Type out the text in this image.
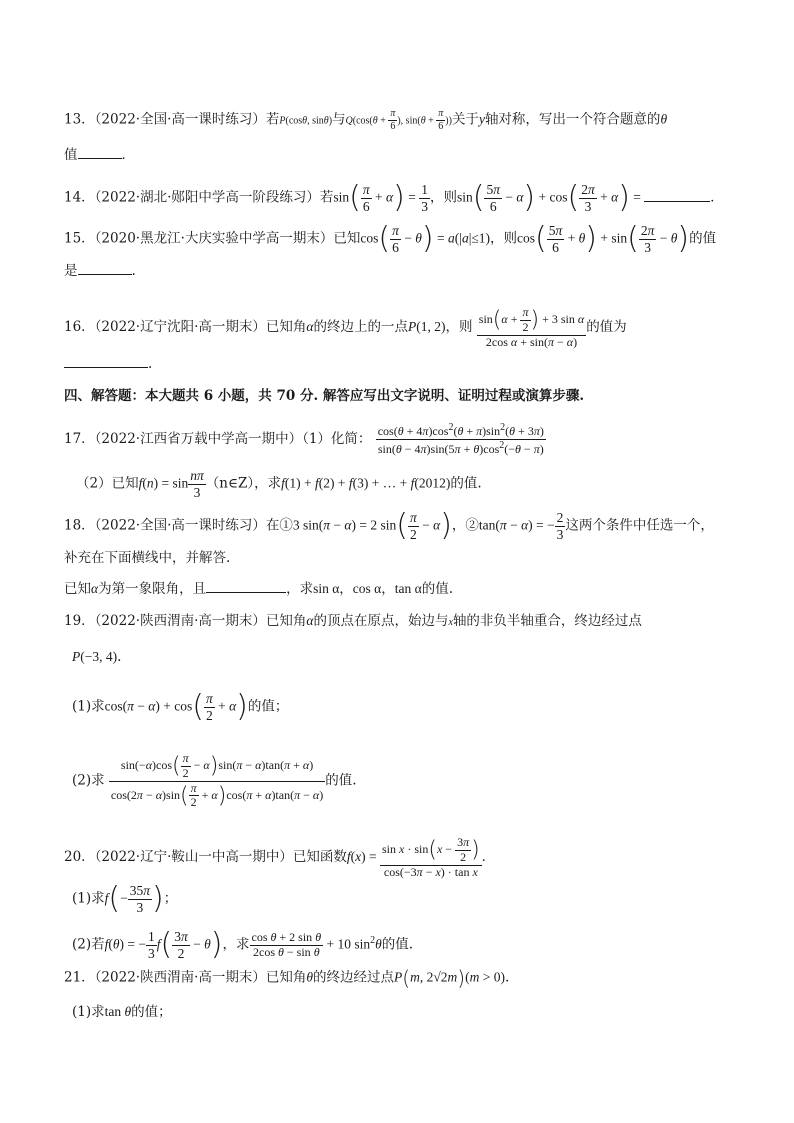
13．（2022·全国·高一课时练习）若P(cosθ, sinθ)与$Q(\cos(\theta + \frac{\pi}{6}$ ), $\sin(\theta + \frac{\pi}{6}$ ))关于y轴对称，写出一个符合题意的θ
值	．
14．（2022·湖北·郧阳中学高一阶段练习）若$\sin( \frac{\pi}{6} + \alpha) = \frac{1}{3}$ ，则$\sin( \frac{5\pi}{6} - \alpha) + \cos( \frac{2\pi}{3} + \alpha)$ =	．
15．（2020·黑龙江·大庆实验中学高一期末）已知$\cos( \frac{\pi}{6} - \theta) = a(|a|\le 1)$，则$\cos( \frac{5\pi}{6} + \theta) + \sin( \frac{2\pi}{3} - \theta)$的值
是	.
16．（2022·辽宁沈阳·高一期末）已知角α的终边上的一点P(1, 2)，则 $\frac{\sin(\alpha + \frac{\pi}{2} ) + 3 \sin \alpha}{\text{2cos α + sin(π − α)}}$ 的值为
.
四、解答题：本大题共 6 小题，共 70 分. 解答应写出文字说明、证明过程或演算步骤.
17．（2022·江西省万载中学高一期中）（1）化简： $\frac{\cos(\theta + 4\pi)\cos^2(\theta + \pi)\sin^2(\theta + 3\pi)}{\sin(\theta - 4\pi)\sin(5\pi + \theta)\cos^2(-\theta - \pi)}$
（2）已知$f(n) = \sin \frac{n\pi}{3}$ （n∈Z），求f(1) + f(2) + f(3) + … + f(2012)的值.
18．（2022·全国·高一课时练习）在①3 sin(π − α) = 2 $\sin( \frac{\pi}{2} - \alpha)$，②tan(π − α) = − $\frac{2}{3}$ 这两个条件中任选一个，
补充在下面横线中，并解答.
已知α为第一象限角，且	，求sin α，cos α，tan α的值.
19．（2022·陕西渭南·高一期末）已知角α的顶点在原点，始边与x轴的非负半轴重合，终边经过点
P(−3, 4).
(1)求$\cos(\pi - \alpha) + \cos( \frac{\pi}{2} + \alpha)$的值；
(2)求 $\frac{\sin(-\alpha)\cos( \frac{\pi}{2} - \alpha)\sin(\pi - \alpha)\tan(\pi + \alpha)}{\cos(2\pi - \alpha)\sin( \frac{\pi}{2} + \alpha)\cos(\pi + \alpha)\tan(\pi - \alpha)}$ 的值.
20．（2022·辽宁·鞍山一中高一期中）已知函数$f(x) = \frac{\sin x \cdot \sin(x - \frac{3\pi}{2} )}{\text{cos(−3π − x) · tan x}}$ ．
(1)求$f(- \frac{35\pi}{3}$ )；
(2)若f(θ) = − $\frac{1}{3} f( \frac{3\pi}{2} - \theta)$，求 $\frac{\text{cos θ + 2 sin θ}}{\text{2cos θ − sin θ}} + 10$ $\sin^2\theta$的值.
21．（2022·陕西渭南·高一期末）已知角θ的终边经过点P(m, 2√2m)(m > 0).
(1)求tan θ的值；
